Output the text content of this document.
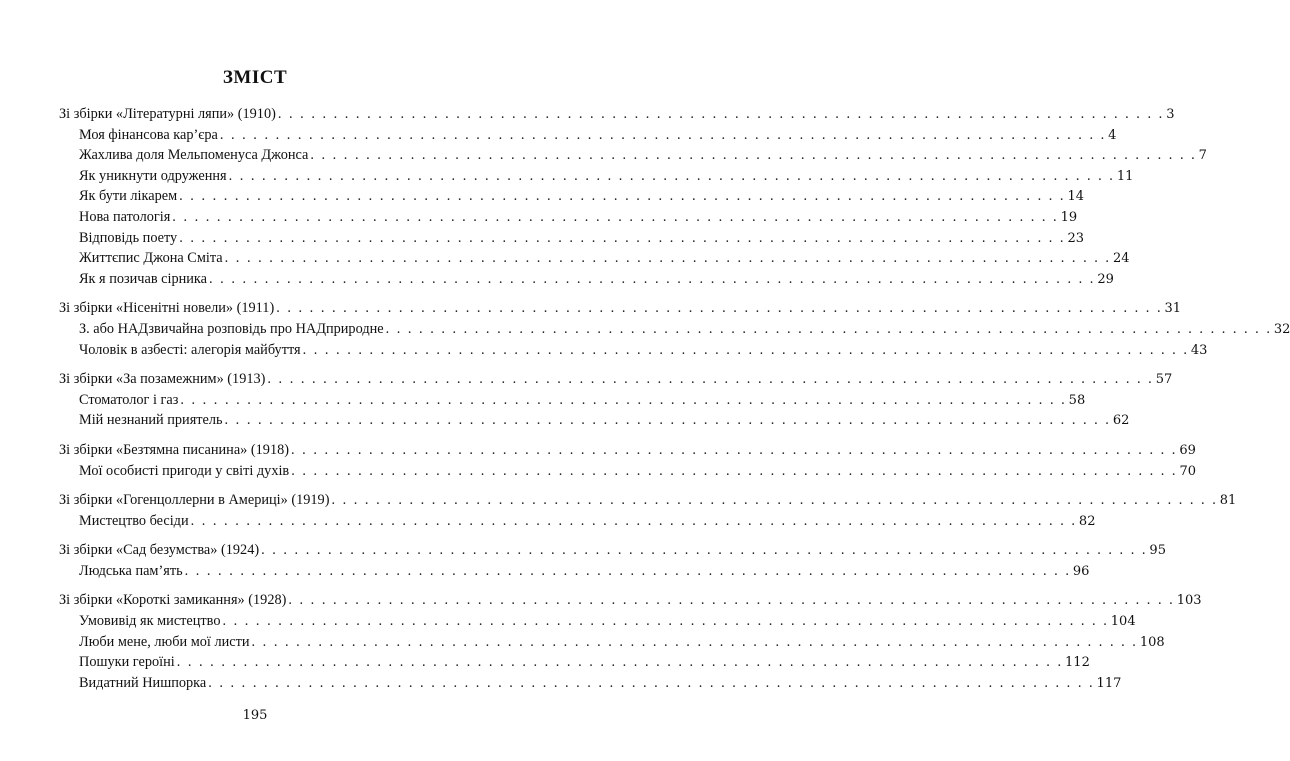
ЗМІСТ
Зі збірки «Літературні ляпи» (1910) . . .	3
Моя фінансова кар’єра . . .	4
Жахлива доля Мельпоменуса Джонса . . .	7
Як уникнути одруження . . .	11
Як бути лікарем . . .	14
Нова патологія . . .	19
Відповідь поету . . .	23
Життєпис Джона Сміта . . .	24
Як я позичав сірника . . .	29
Зі збірки «Нісенітні новели» (1911) . . .	31
З. або НАДзвичайна розповідь про НАДприродне . . .	32
Чоловік в азбесті: алегорія майбуття . . .	43
Зі збірки «За позамежним» (1913) . . .	57
Стоматолог і газ . . .	58
Мій незнаний приятель . . .	62
Зі збірки «Безтямна писанина» (1918) . . .	69
Мої особисті пригоди у світі духів . . .	70
Зі збірки «Гогенцоллерни в Америці» (1919) . . .	81
Мистецтво бесіди . . .	82
Зі збірки «Сад безумства» (1924) . . .	95
Людська пам’ять . . .	96
Зі збірки «Короткі замикання» (1928) . . .	103
Умовивід як мистецтво . . .	104
Люби мене, люби мої листи . . .	108
Пошуки героїні . . .	112
Видатний Нишпорка . . .	117
195
